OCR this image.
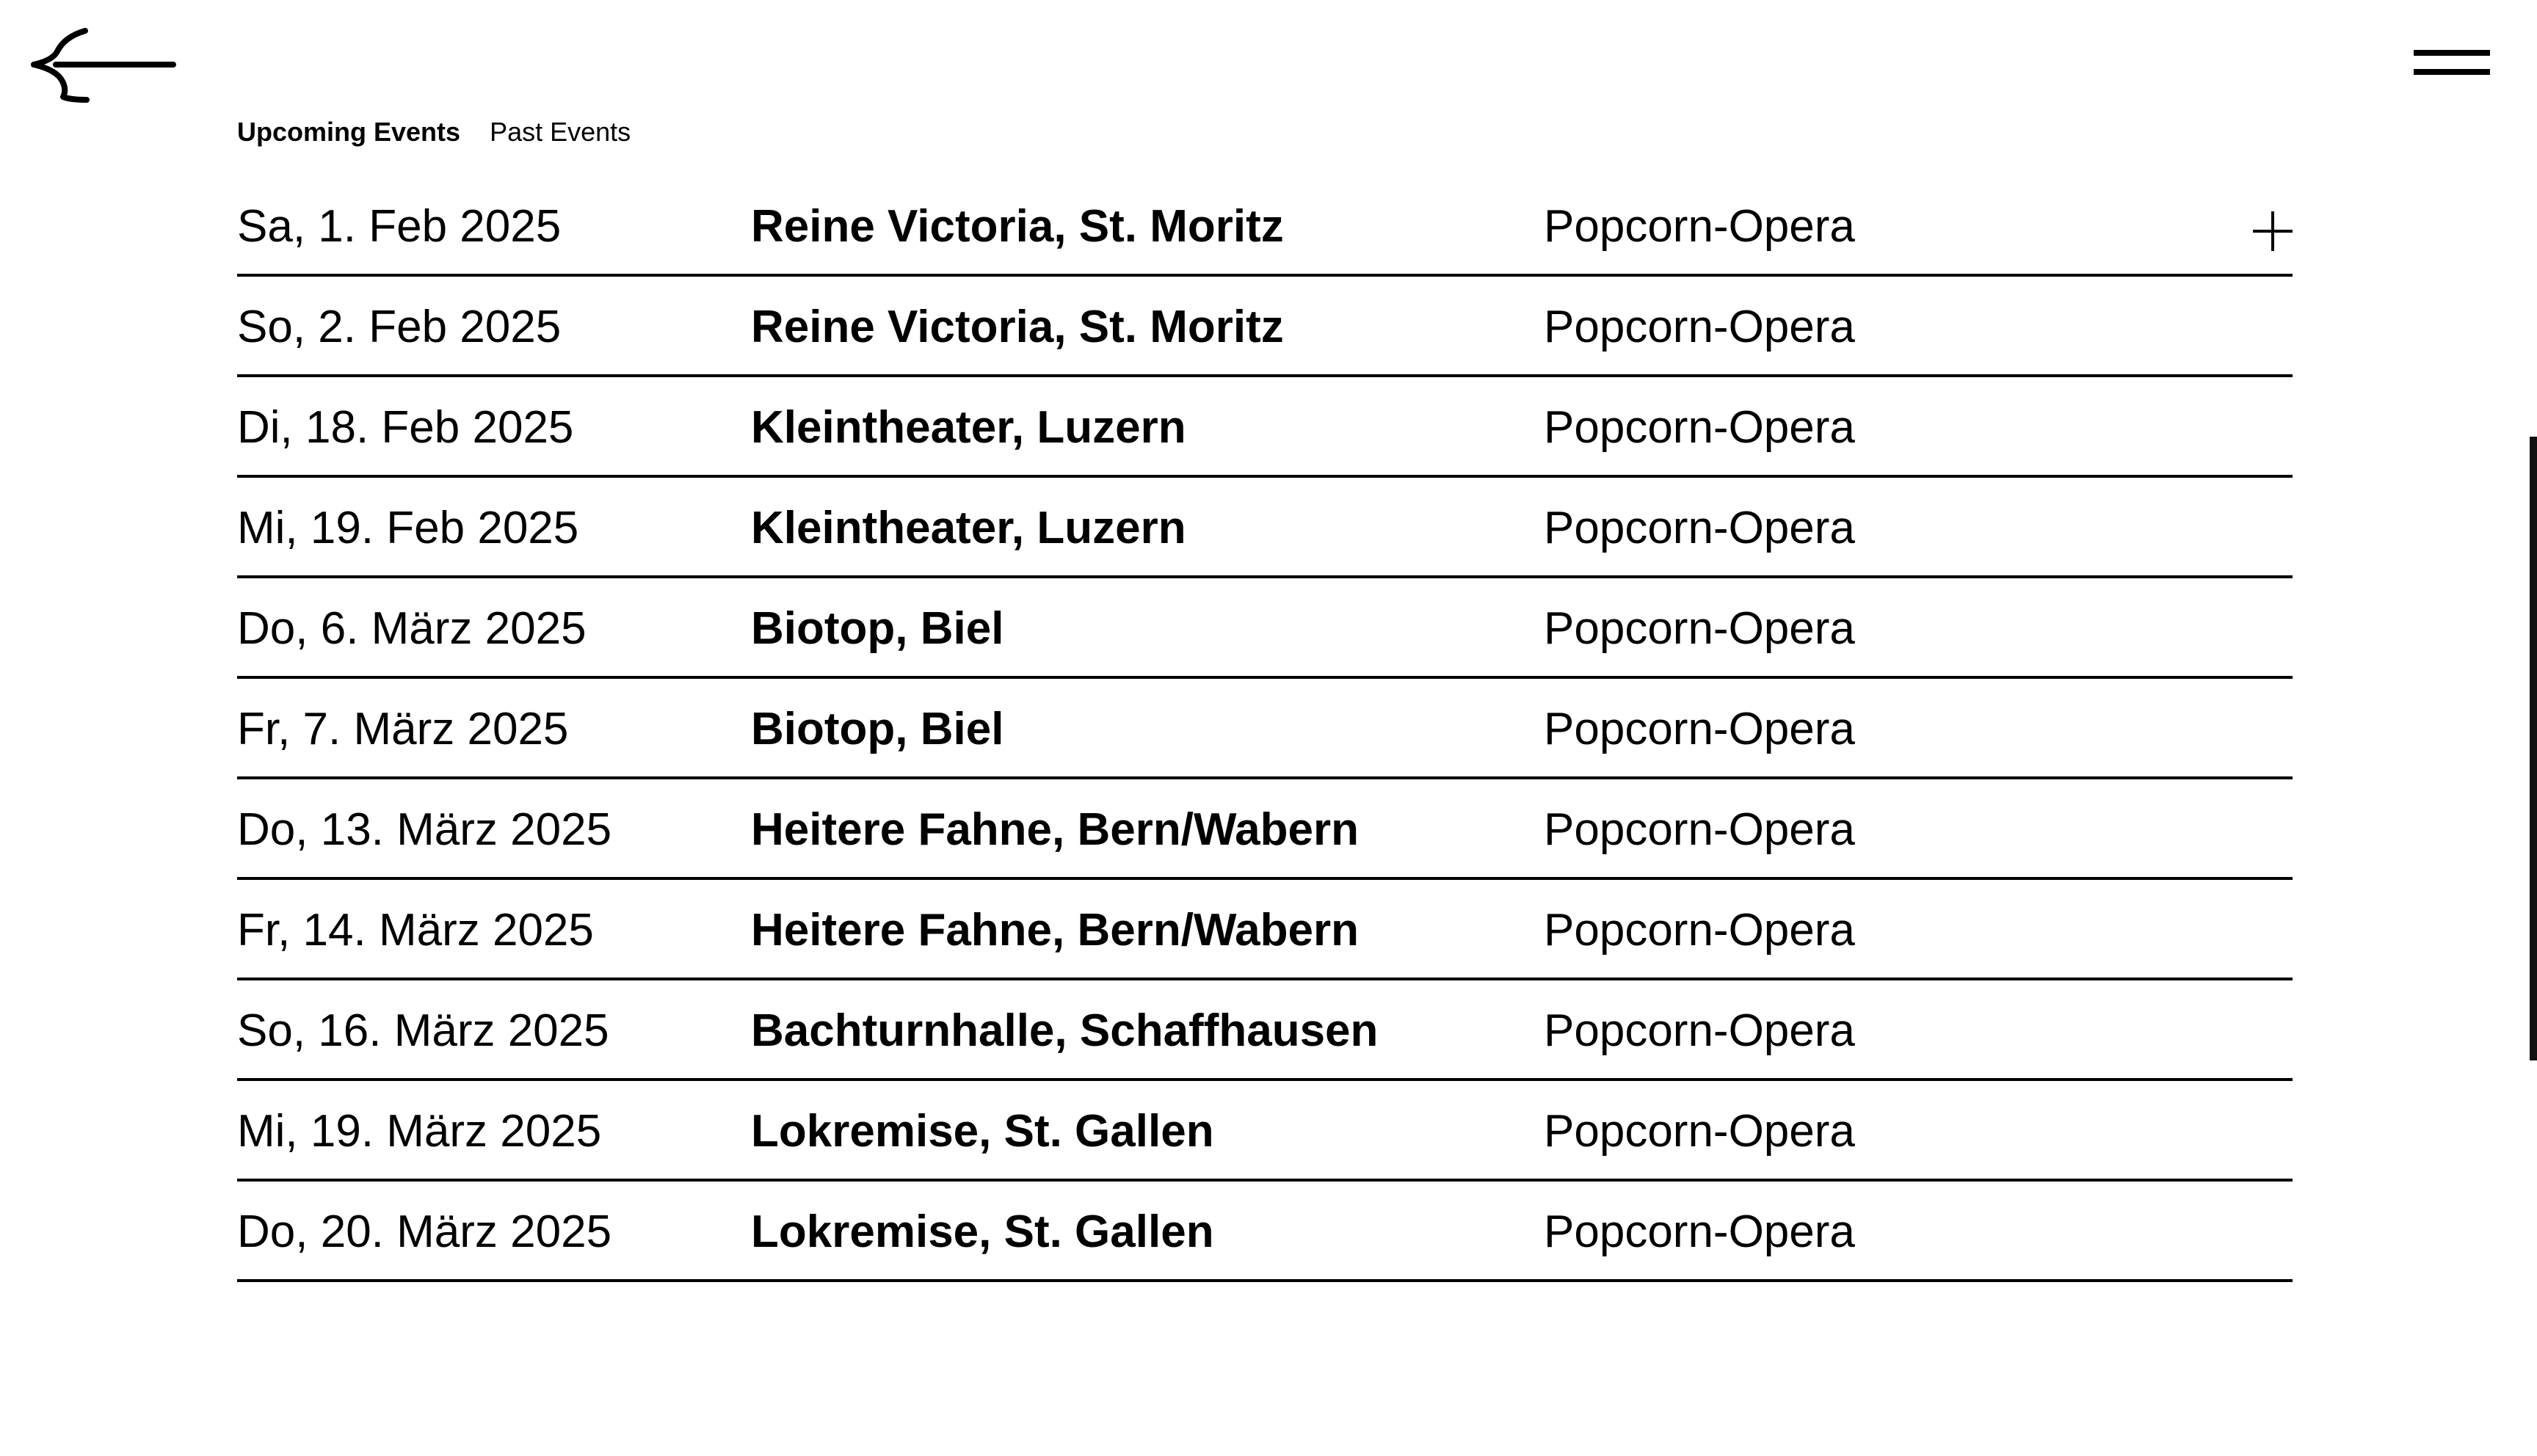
Upcoming Events Past Events
Sa, 1. Feb 2025	Reine Victoria, St. Moritz	Popcorn-Opera
So, 2. Feb 2025	Reine Victoria, St. Moritz	Popcorn-Opera
Di, 18. Feb 2025	Kleintheater, Luzern	Popcorn-Opera
Mi, 19. Feb 2025	Kleintheater, Luzern	Popcorn-Opera
Do, 6. März 2025	Biotop, Biel	Popcorn-Opera
Fr, 7. März 2025	Biotop, Biel	Popcorn-Opera
Do, 13. März 2025	Heitere Fahne, Bern/Wabern	Popcorn-Opera
Fr, 14. März 2025	Heitere Fahne, Bern/Wabern	Popcorn-Opera
So, 16. März 2025	Bachturnhalle, Schaffhausen	Popcorn-Opera
Mi, 19. März 2025	Lokremise, St. Gallen	Popcorn-Opera
Do, 20. März 2025	Lokremise, St. Gallen	Popcorn-Opera
